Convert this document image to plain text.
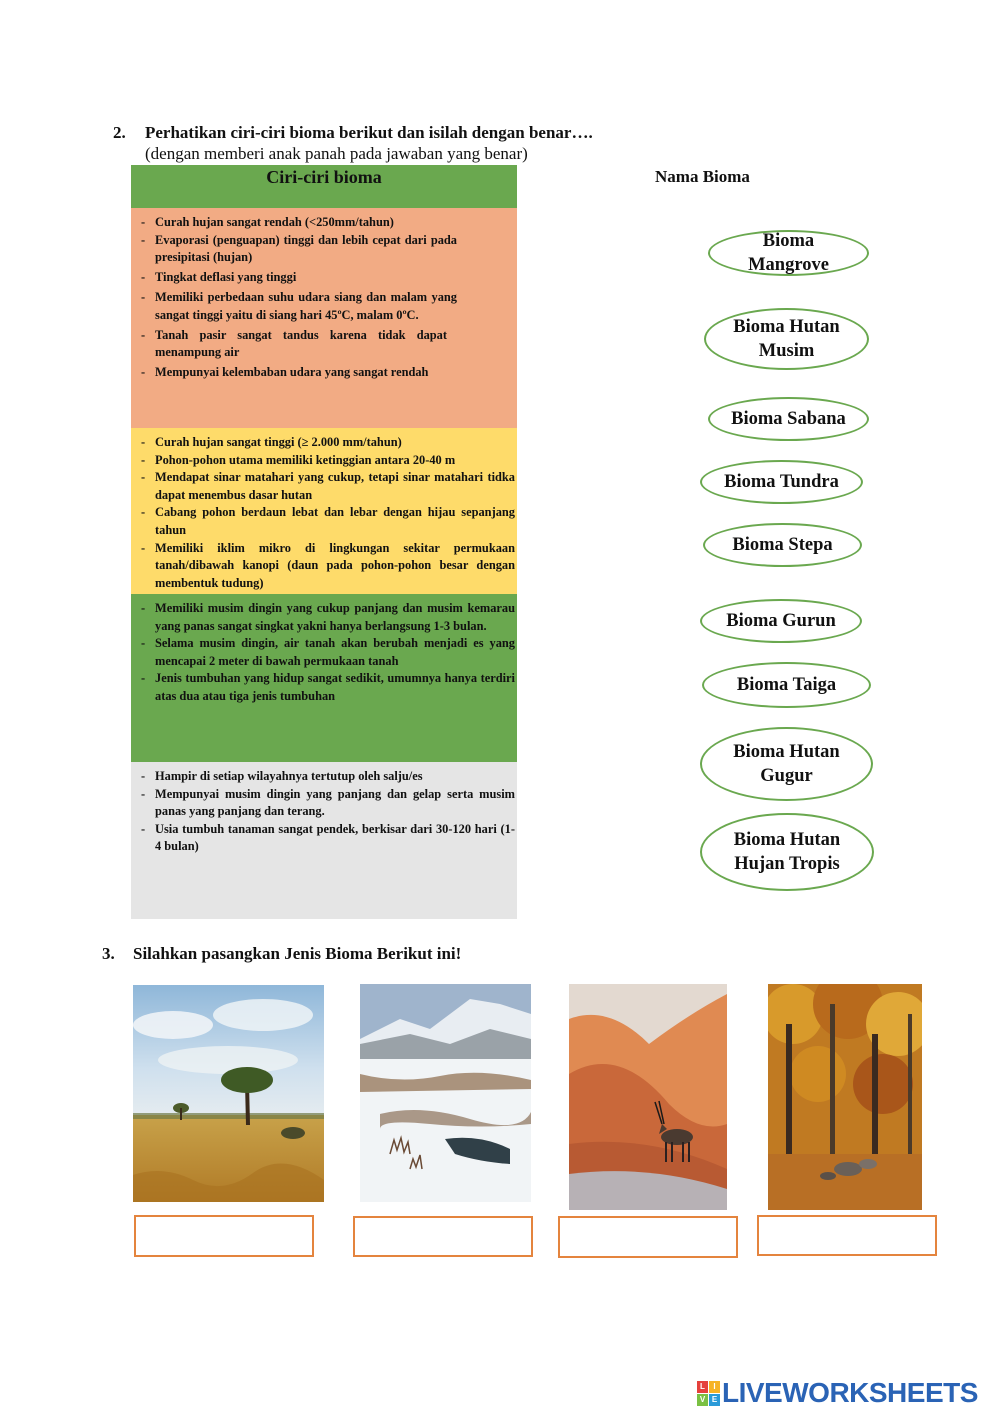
2. Perhatikan ciri-ciri bioma berikut dan isilah dengan benar….
(dengan memberi anak panah pada jawaban yang benar)
Ciri-ciri bioma
- Curah hujan sangat rendah (<250mm/tahun)
- Evaporasi (penguapan) tinggi dan lebih cepat dari pada presipitasi (hujan)
- Tingkat deflasi yang tinggi
- Memiliki perbedaan suhu udara siang dan malam yang sangat tinggi yaitu di siang hari 45ºC, malam 0ºC.
- Tanah pasir sangat tandus karena tidak dapat menampung air
- Mempunyai kelembaban udara yang sangat rendah
- Curah hujan sangat tinggi (≥ 2.000 mm/tahun)
- Pohon-pohon utama memiliki ketinggian antara 20-40 m
- Mendapat sinar matahari yang cukup, tetapi sinar matahari tidka dapat menembus dasar hutan
- Cabang pohon berdaun lebat dan lebar dengan hijau sepanjang tahun
- Memiliki iklim mikro di lingkungan sekitar permukaan tanah/dibawah kanopi (daun pada pohon-pohon besar dengan membentuk tudung)
- Memiliki musim dingin yang cukup panjang dan musim kemarau yang panas sangat singkat yakni hanya berlangsung 1-3 bulan.
- Selama musim dingin, air tanah akan berubah menjadi es yang mencapai 2 meter di bawah permukaan tanah
- Jenis tumbuhan yang hidup sangat sedikit, umumnya hanya terdiri atas dua atau tiga jenis tumbuhan
- Hampir di setiap wilayahnya tertutup oleh salju/es
- Mempunyai musim dingin yang panjang dan gelap serta musim panas yang panjang dan terang.
- Usia tumbuh tanaman sangat pendek, berkisar dari 30-120 hari (1-4 bulan)
Nama Bioma
Bioma
Mangrove
Bioma Hutan
Musim
Bioma Sabana
Bioma Tundra
Bioma Stepa
Bioma Gurun
Bioma Taiga
Bioma Hutan
Gugur
Bioma Hutan
Hujan Tropis
3. Silahkan pasangkan Jenis Bioma Berikut ini!
L	I
V E LIVEWORKSHEETS
